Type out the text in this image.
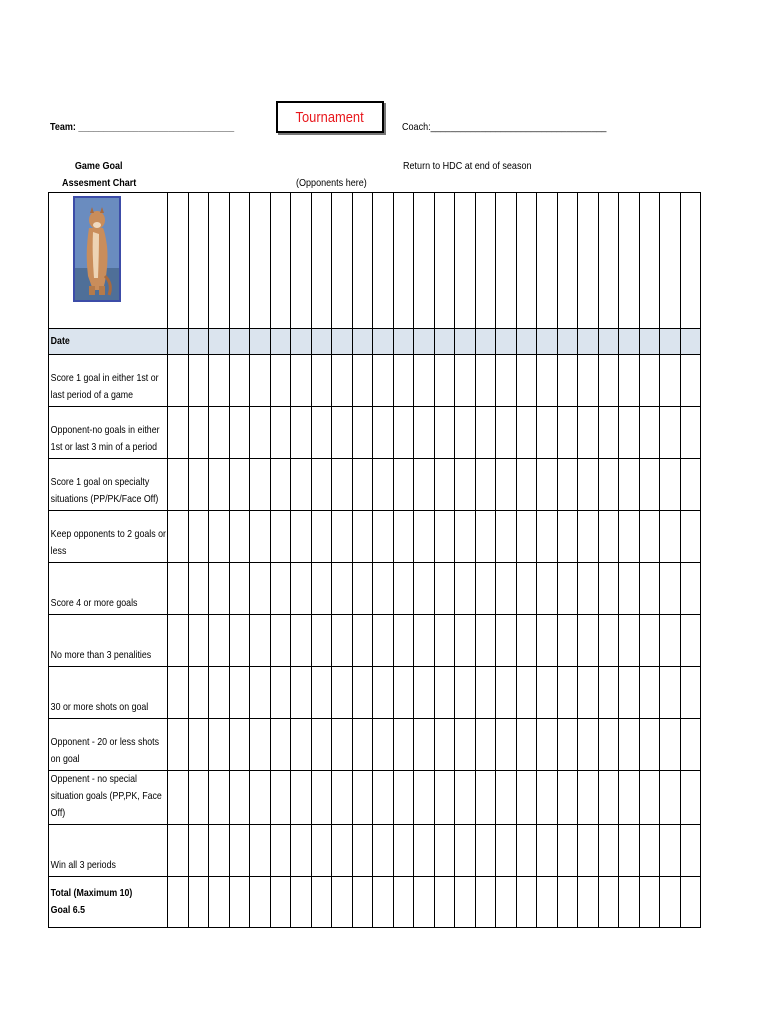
Team: _______________________________
Tournament
Coach:___________________________________
Game Goal
Assesment Chart
Return to HDC at end of season
(Opponents here)

Date																										

Score 1 goal in either 1st or last period of a game																										

Opponent-no goals in either 1st or last 3 min of a period																										

Score 1 goal on specialty situations (PP/PK/Face Off)																										

Keep opponents to 2 goals or less																										

Score 4 or more goals																										

No more than 3 penalities																										

30 or more shots on goal																										

Opponent - 20 or less shots on goal																										

Oppenent - no special situation goals (PP,PK, Face Off)																										

Win all 3 periods																										

Total (Maximum 10)
Goal 6.5																										
